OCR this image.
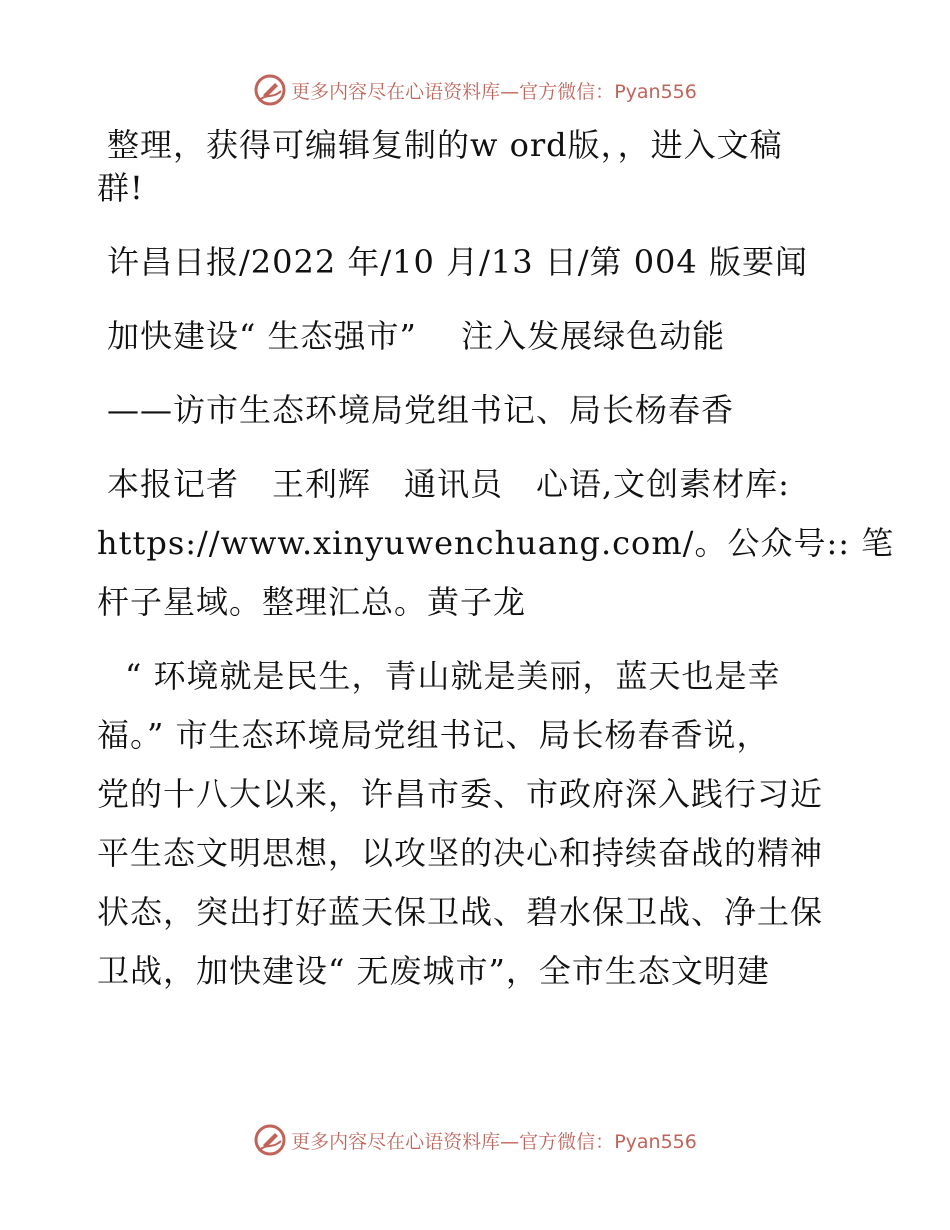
更多内容尽在心语资料库—官方微信：Pyan556
整理，获得可编辑复制的w ord版，，进入文稿
群!
许昌日报/2022 年/10 月/13 日/第 004 版要闻
加快建设“ 生态强市”　 注入发展绿色动能
——访市生态环境局党组书记、局长杨春香
本报记者　王利辉　通讯员　心语,文创素材库:
https://www.xinyuwenchuang.com/。公众号:: 笔
杆子星域。整理汇总。黄子龙
“ 环境就是民生，青山就是美丽，蓝天也是幸
福。” 市生态环境局党组书记、局长杨春香说，
党的十八大以来，许昌市委、市政府深入践行习近
平生态文明思想，以攻坚的决心和持续奋战的精神
状态，突出打好蓝天保卫战、碧水保卫战、净土保
卫战，加快建设“ 无废城市”，全市生态文明建
更多内容尽在心语资料库—官方微信：Pyan556
